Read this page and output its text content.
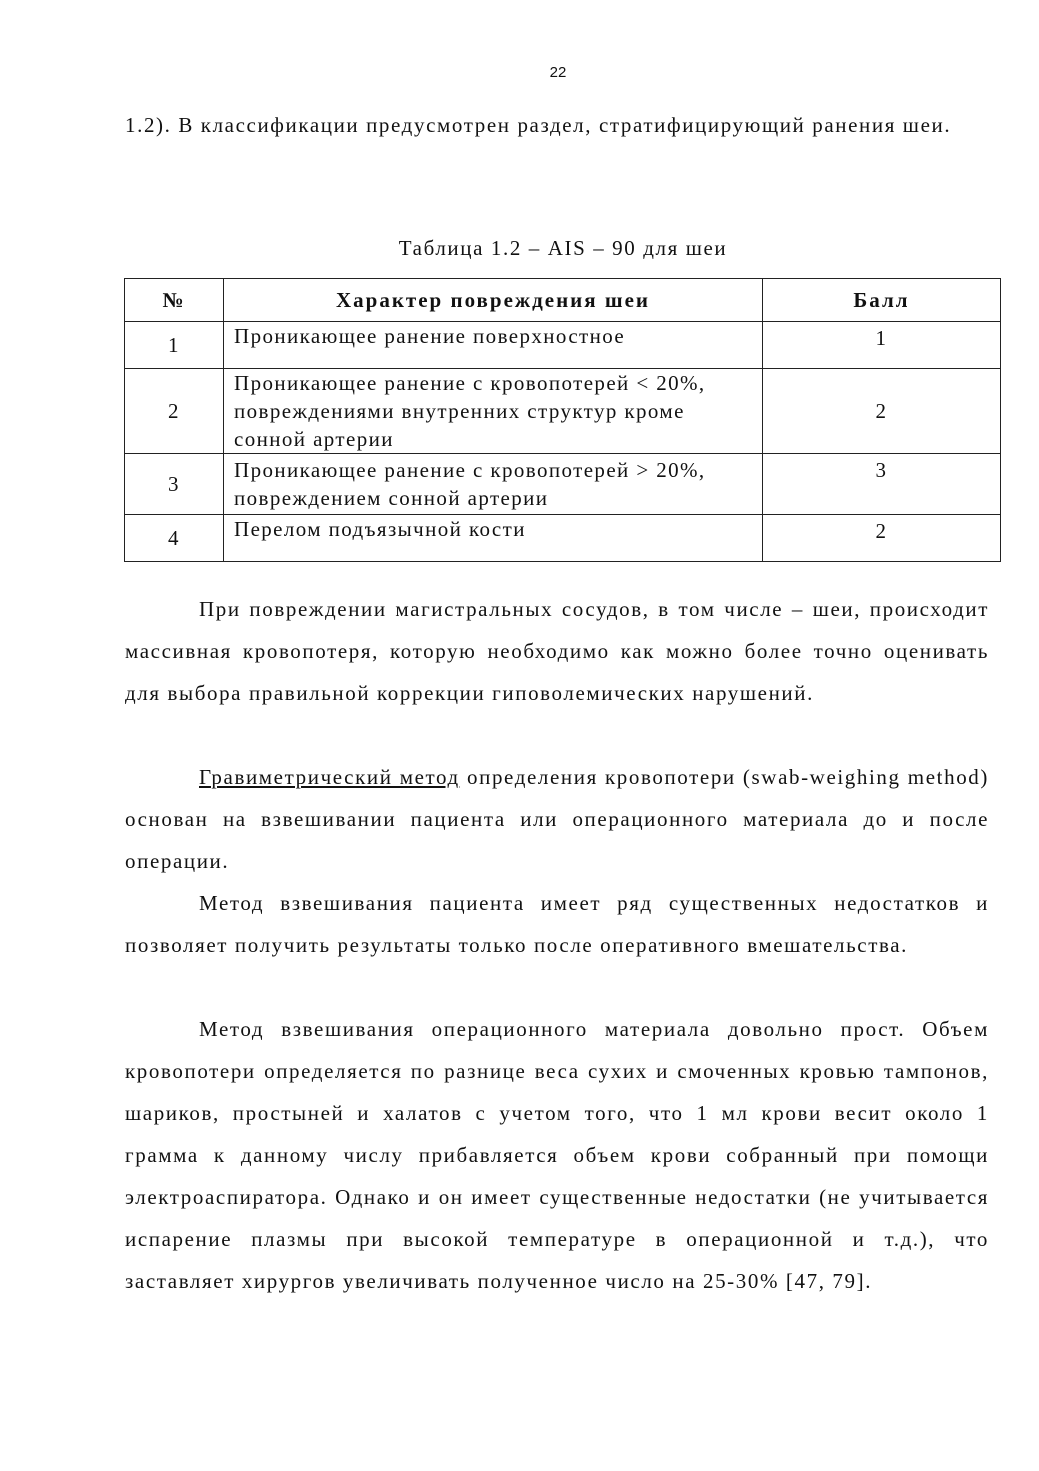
22

1.2). В классификации предусмотрен раздел, стратифицирующий ранения шеи.

Таблица 1.2 – AIS – 90 для шеи
№	Характер повреждения шеи	Балл
1	Проникающее ранение поверхностное	1
2	Проникающее ранение с кровопотерей < 20%, повреждениями внутренних структур кроме сонной артерии	2
3	Проникающее ранение с кровопотерей > 20%, повреждением сонной артерии	3
4	Перелом подъязычной кости	2

При повреждении магистральных сосудов, в том числе – шеи, происходит массивная кровопотеря, которую необходимо как можно более точно оценивать для выбора правильной коррекции гиповолемических нарушений.

Гравиметрический метод определения кровопотери (swab-weighing method) основан на взвешивании пациента или операционного материала до и после операции.

Метод взвешивания пациента имеет ряд существенных недостатков и позволяет получить результаты только после оперативного вмешательства.

Метод взвешивания операционного материала довольно прост. Объем кровопотери определяется по разнице веса сухих и смоченных кровью тампонов, шариков, простыней и халатов с учетом того, что 1 мл крови весит около 1 грамма к данному числу прибавляется объем крови собранный при помощи электроаспиратора. Однако и он имеет существенные недостатки (не учитывается испарение плазмы при высокой температуре в операционной и т.д.), что заставляет хирургов увеличивать полученное число на 25-30% [47, 79].
